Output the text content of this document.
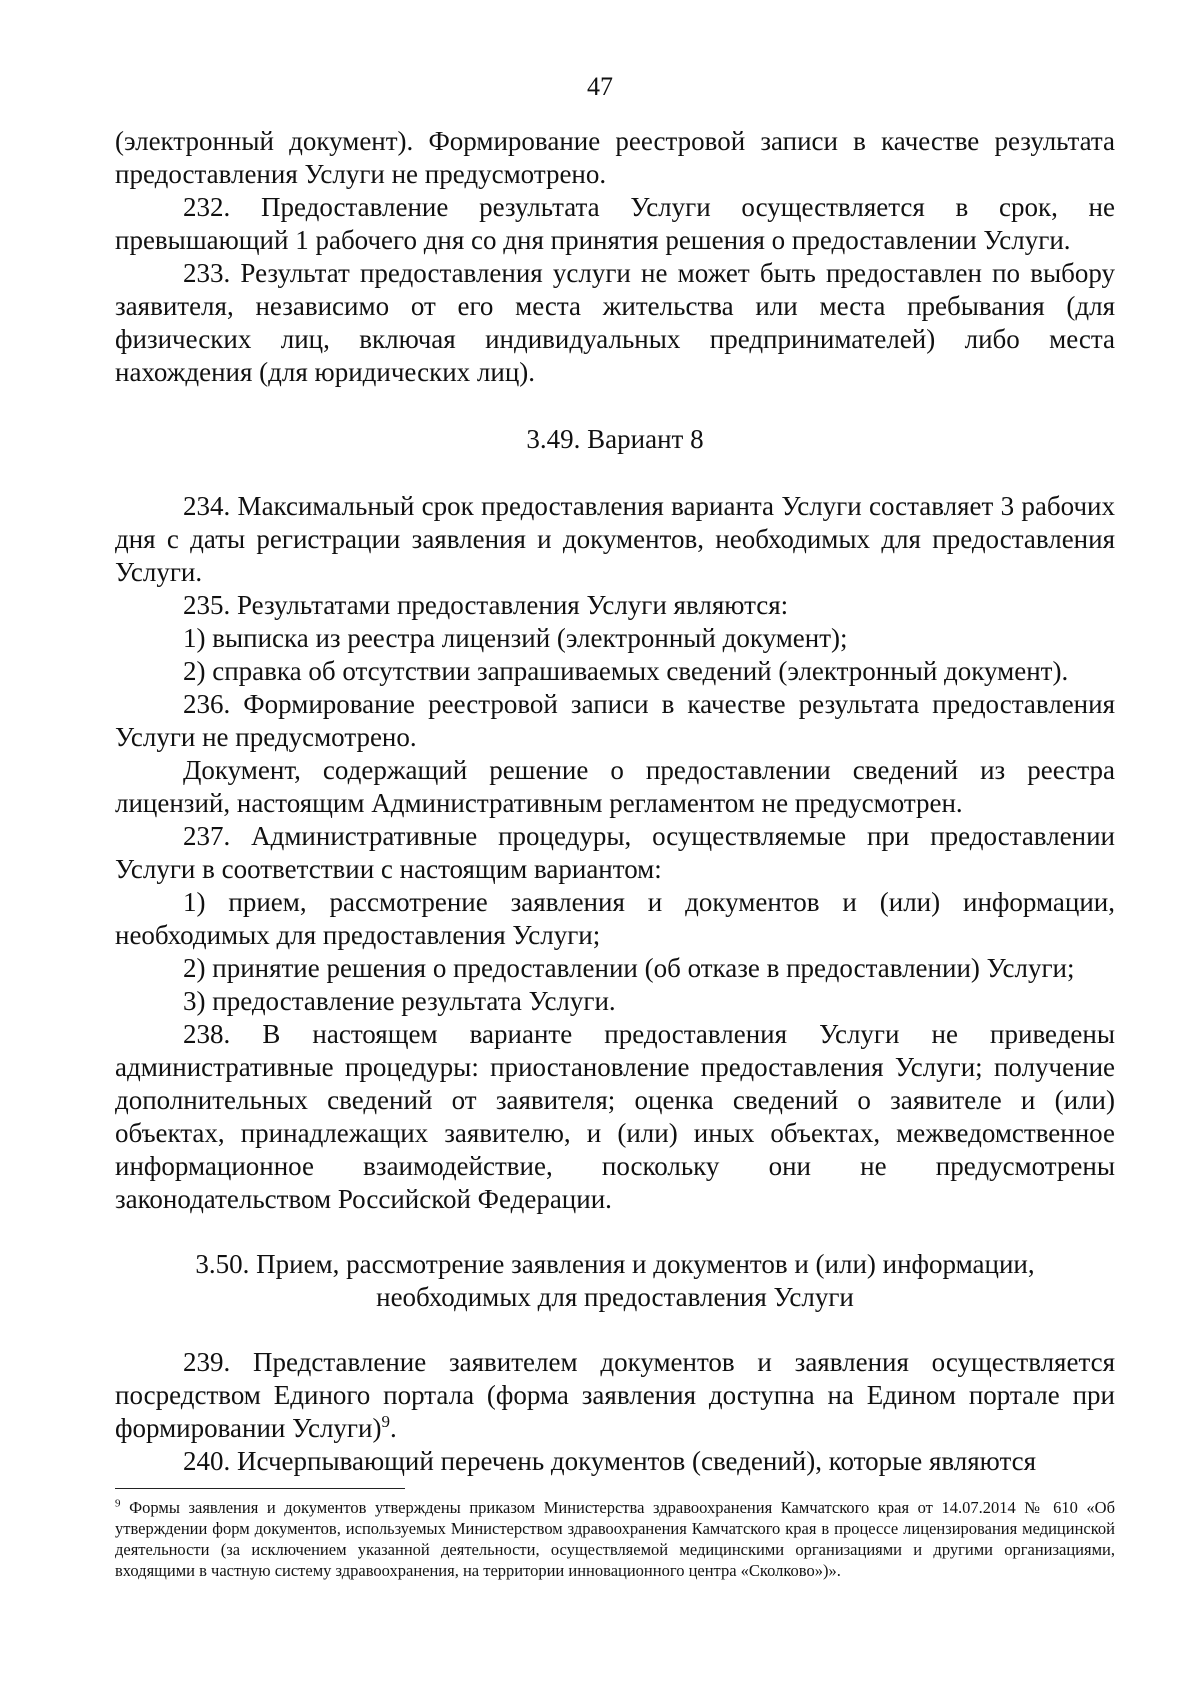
47

(электронный документ). Формирование реестровой записи в качестве результата предоставления Услуги не предусмотрено.

232. Предоставление результата Услуги осуществляется в срок, не превышающий 1 рабочего дня со дня принятия решения о предоставлении Услуги.

233. Результат предоставления услуги не может быть предоставлен по выбору заявителя, независимо от его места жительства или места пребывания (для физических лиц, включая индивидуальных предпринимателей) либо места нахождения (для юридических лиц).

3.49. Вариант 8

234. Максимальный срок предоставления варианта Услуги составляет 3 рабочих дня с даты регистрации заявления и документов, необходимых для предоставления Услуги.

235. Результатами предоставления Услуги являются:

1) выписка из реестра лицензий (электронный документ);

2) справка об отсутствии запрашиваемых сведений (электронный документ).

236. Формирование реестровой записи в качестве результата предоставления Услуги не предусмотрено.

Документ, содержащий решение о предоставлении сведений из реестра лицензий, настоящим Административным регламентом не предусмотрен.

237. Административные процедуры, осуществляемые при предоставлении Услуги в соответствии с настоящим вариантом:

1) прием, рассмотрение заявления и документов и (или) информации, необходимых для предоставления Услуги;

2) принятие решения о предоставлении (об отказе в предоставлении) Услуги;

3) предоставление результата Услуги.

238. В настоящем варианте предоставления Услуги не приведены административные процедуры: приостановление предоставления Услуги; получение дополнительных сведений от заявителя; оценка сведений о заявителе и (или) объектах, принадлежащих заявителю, и (или) иных объектах, межведомственное информационное взаимодействие, поскольку они не предусмотрены законодательством Российской Федерации.

3.50. Прием, рассмотрение заявления и документов и (или) информации,
необходимых для предоставления Услуги

239. Представление заявителем документов и заявления осуществляется посредством Единого портала (форма заявления доступна на Едином портале при формировании Услуги)$^9$.

240. Исчерпывающий перечень документов (сведений), которые являются

$^9$ Формы заявления и документов утверждены приказом Министерства здравоохранения Камчатского края от 14.07.2014 № 610 «Об утверждении форм документов, используемых Министерством здравоохранения Камчатского края в процессе лицензирования медицинской деятельности (за исключением указанной деятельности, осуществляемой медицинскими организациями и другими организациями, входящими в частную систему здравоохранения, на территории инновационного центра «Сколково»)».
